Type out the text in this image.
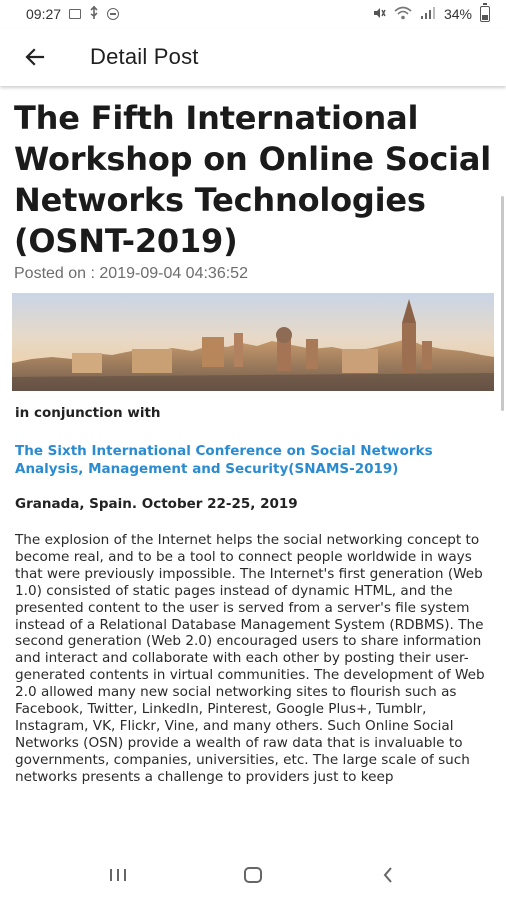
09:27	34%
Detail Post
The Fifth International Workshop on Online Social Networks Technologies (OSNT-2019)
Posted on : 2019-09-04 04:36:52

in conjunction with

The Sixth International Conference on Social Networks Analysis, Management and Security(SNAMS-2019)

Granada, Spain. October 22-25, 2019

The explosion of the Internet helps the social networking concept to become real, and to be a tool to connect people worldwide in ways that were previously impossible. The Internet's first generation (Web 1.0) consisted of static pages instead of dynamic HTML, and the presented content to the user is served from a server's file system instead of a Relational Database Management System (RDBMS). The second generation (Web 2.0) encouraged users to share information and interact and collaborate with each other by posting their user-generated contents in virtual communities. The development of Web 2.0 allowed many new social networking sites to flourish such as Facebook, Twitter, LinkedIn, Pinterest, Google Plus+, Tumblr, Instagram, VK, Flickr, Vine, and many others. Such Online Social Networks (OSN) provide a wealth of raw data that is invaluable to governments, companies, universities, etc. The large scale of such networks presents a challenge to providers just to keep
